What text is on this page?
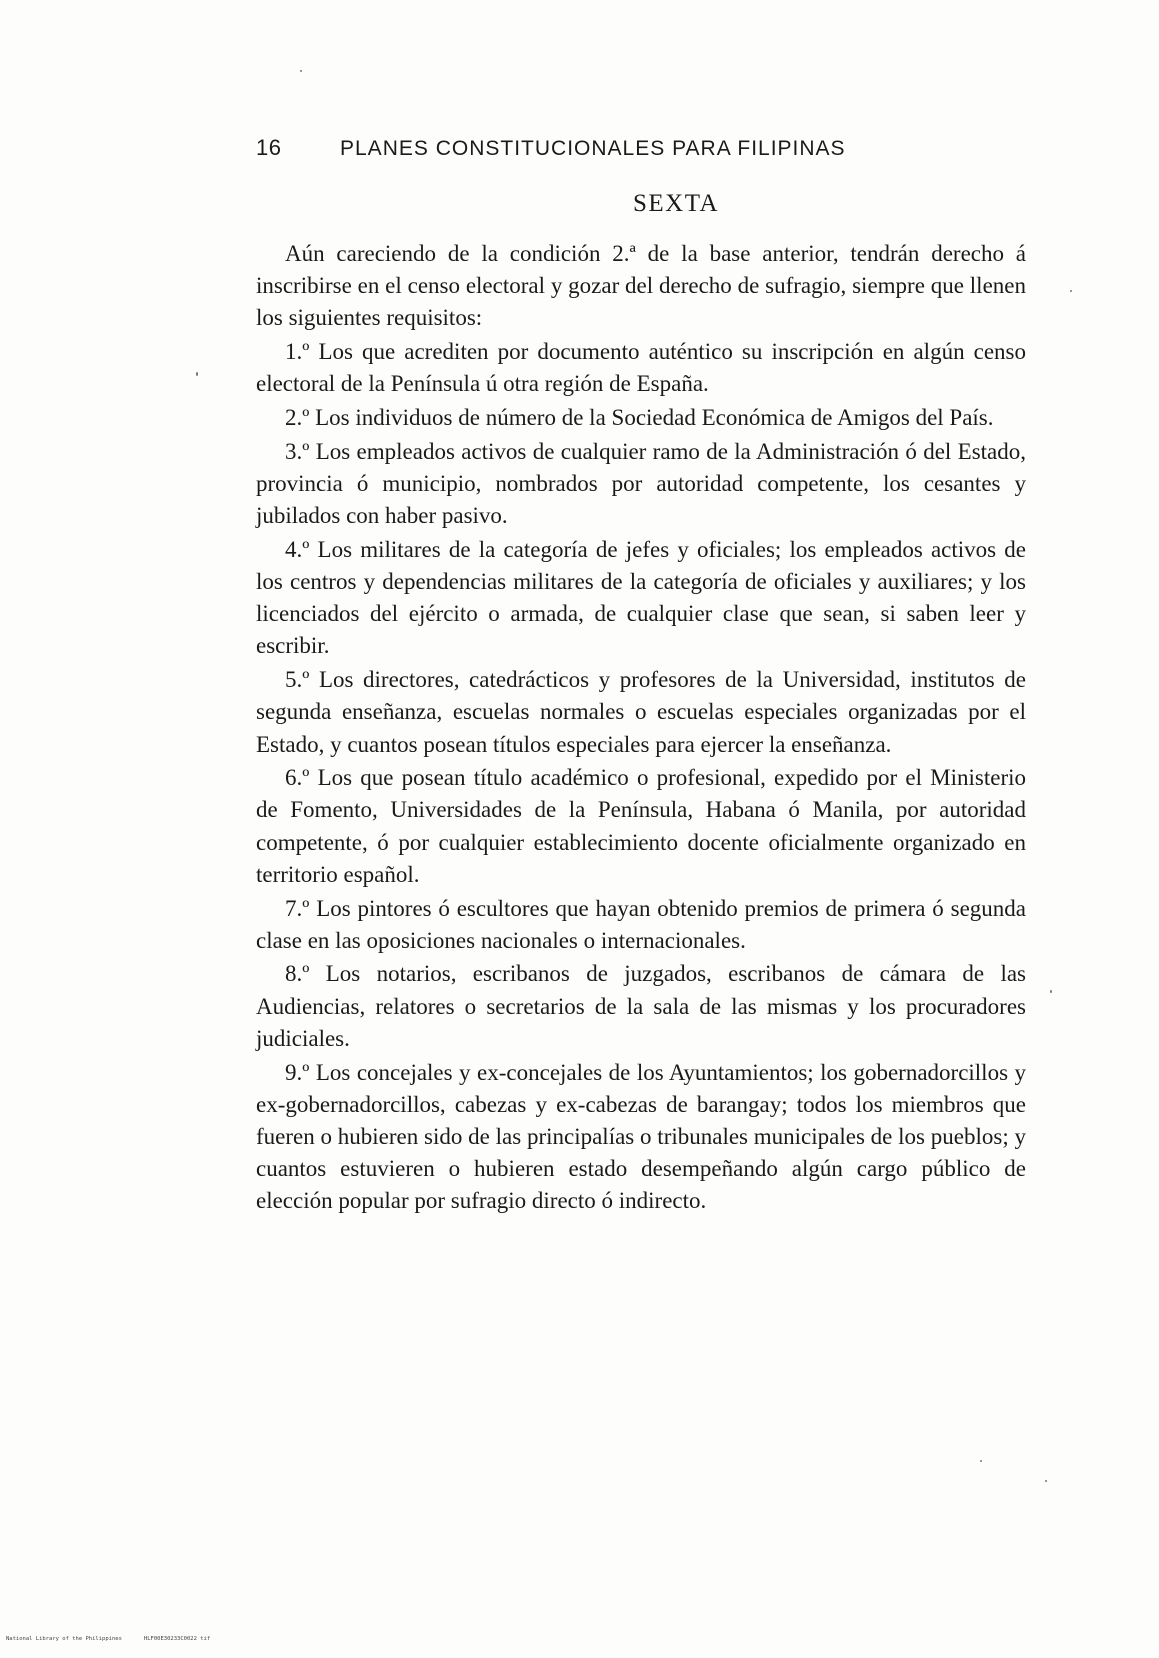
16	PLANES CONSTITUCIONALES PARA FILIPINAS
SEXTA

Aún careciendo de la condición 2.ª de la base anterior, tendrán derecho á inscribirse en el censo electoral y gozar del derecho de sufragio, siempre que llenen los siguientes requisitos:

1.º Los que acrediten por documento auténtico su inscripción en algún censo electoral de la Península ú otra región de España.

2.º Los individuos de número de la Sociedad Económica de Amigos del País.

3.º Los empleados activos de cualquier ramo de la Administración ó del Estado, provincia ó municipio, nombrados por autoridad competente, los cesantes y jubilados con haber pasivo.

4.º Los militares de la categoría de jefes y oficiales; los empleados activos de los centros y dependencias militares de la categoría de oficiales y auxiliares; y los licenciados del ejército o armada, de cualquier clase que sean, si saben leer y escribir.

5.º Los directores, catedrácticos y profesores de la Universidad, institutos de segunda enseñanza, escuelas normales o escuelas especiales organizadas por el Estado, y cuantos posean títulos especiales para ejercer la enseñanza.

6.º Los que posean título académico o profesional, expedido por el Ministerio de Fomento, Universidades de la Península, Habana ó Manila, por autoridad competente, ó por cualquier establecimiento docente oficialmente organizado en territorio español.

7.º Los pintores ó escultores que hayan obtenido premios de primera ó segunda clase en las oposiciones nacionales o internacionales.

8.º Los notarios, escribanos de juzgados, escribanos de cámara de las Audiencias, relatores o secretarios de la sala de las mismas y los procuradores judiciales.

9.º Los concejales y ex-concejales de los Ayuntamientos; los gobernadorcillos y ex-gobernadorcillos, cabezas y ex-cabezas de barangay; todos los miembros que fueren o hubieren sido de las principalías o tribunales municipales de los pueblos; y cuantos estuvieren o hubieren estado desempeñando algún cargo público de elección popular por sufragio directo ó indirecto.

National Library of the Philippines	HLF00E30233C0022 tif
